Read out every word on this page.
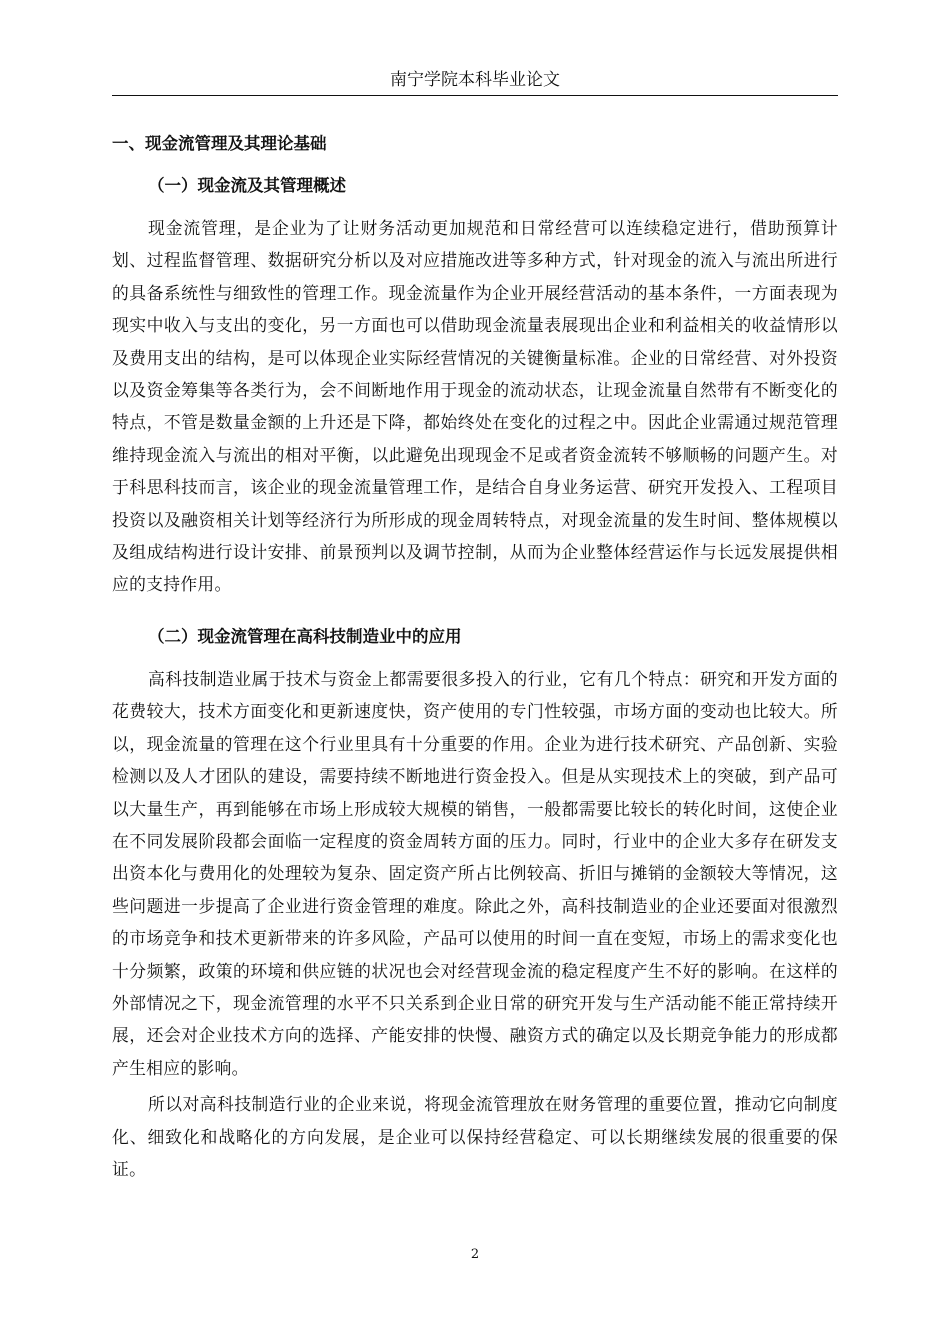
南宁学院本科毕业论文
一、现金流管理及其理论基础
（一）现金流及其管理概述

现金流管理，是企业为了让财务活动更加规范和日常经营可以连续稳定进行，借助预算计划、过程监督管理、数据研究分析以及对应措施改进等多种方式，针对现金的流入与流出所进行的具备系统性与细致性的管理工作。现金流量作为企业开展经营活动的基本条件，一方面表现为现实中收入与支出的变化，另一方面也可以借助现金流量表展现出企业和利益相关的收益情形以及费用支出的结构，是可以体现企业实际经营情况的关键衡量标准。企业的日常经营、对外投资以及资金筹集等各类行为，会不间断地作用于现金的流动状态，让现金流量自然带有不断变化的特点，不管是数量金额的上升还是下降，都始终处在变化的过程之中。因此企业需通过规范管理维持现金流入与流出的相对平衡，以此避免出现现金不足或者资金流转不够顺畅的问题产生。对于科思科技而言，该企业的现金流量管理工作，是结合自身业务运营、研究开发投入、工程项目投资以及融资相关计划等经济行为所形成的现金周转特点，对现金流量的发生时间、整体规模以及组成结构进行设计安排、前景预判以及调节控制，从而为企业整体经营运作与长远发展提供相应的支持作用。

（二）现金流管理在高科技制造业中的应用

高科技制造业属于技术与资金上都需要很多投入的行业，它有几个特点：研究和开发方面的花费较大，技术方面变化和更新速度快，资产使用的专门性较强，市场方面的变动也比较大。所以，现金流量的管理在这个行业里具有十分重要的作用。企业为进行技术研究、产品创新、实验检测以及人才团队的建设，需要持续不断地进行资金投入。但是从实现技术上的突破，到产品可以大量生产，再到能够在市场上形成较大规模的销售，一般都需要比较长的转化时间，这使企业在不同发展阶段都会面临一定程度的资金周转方面的压力。同时，行业中的企业大多存在研发支出资本化与费用化的处理较为复杂、固定资产所占比例较高、折旧与摊销的金额较大等情况，这些问题进一步提高了企业进行资金管理的难度。除此之外，高科技制造业的企业还要面对很激烈的市场竞争和技术更新带来的许多风险，产品可以使用的时间一直在变短，市场上的需求变化也十分频繁，政策的环境和供应链的状况也会对经营现金流的稳定程度产生不好的影响。在这样的外部情况之下，现金流管理的水平不只关系到企业日常的研究开发与生产活动能不能正常持续开展，还会对企业技术方向的选择、产能安排的快慢、融资方式的确定以及长期竞争能力的形成都产生相应的影响。

所以对高科技制造行业的企业来说，将现金流管理放在财务管理的重要位置，推动它向制度化、细致化和战略化的方向发展，是企业可以保持经营稳定、可以长期继续发展的很重要的保证。

2
